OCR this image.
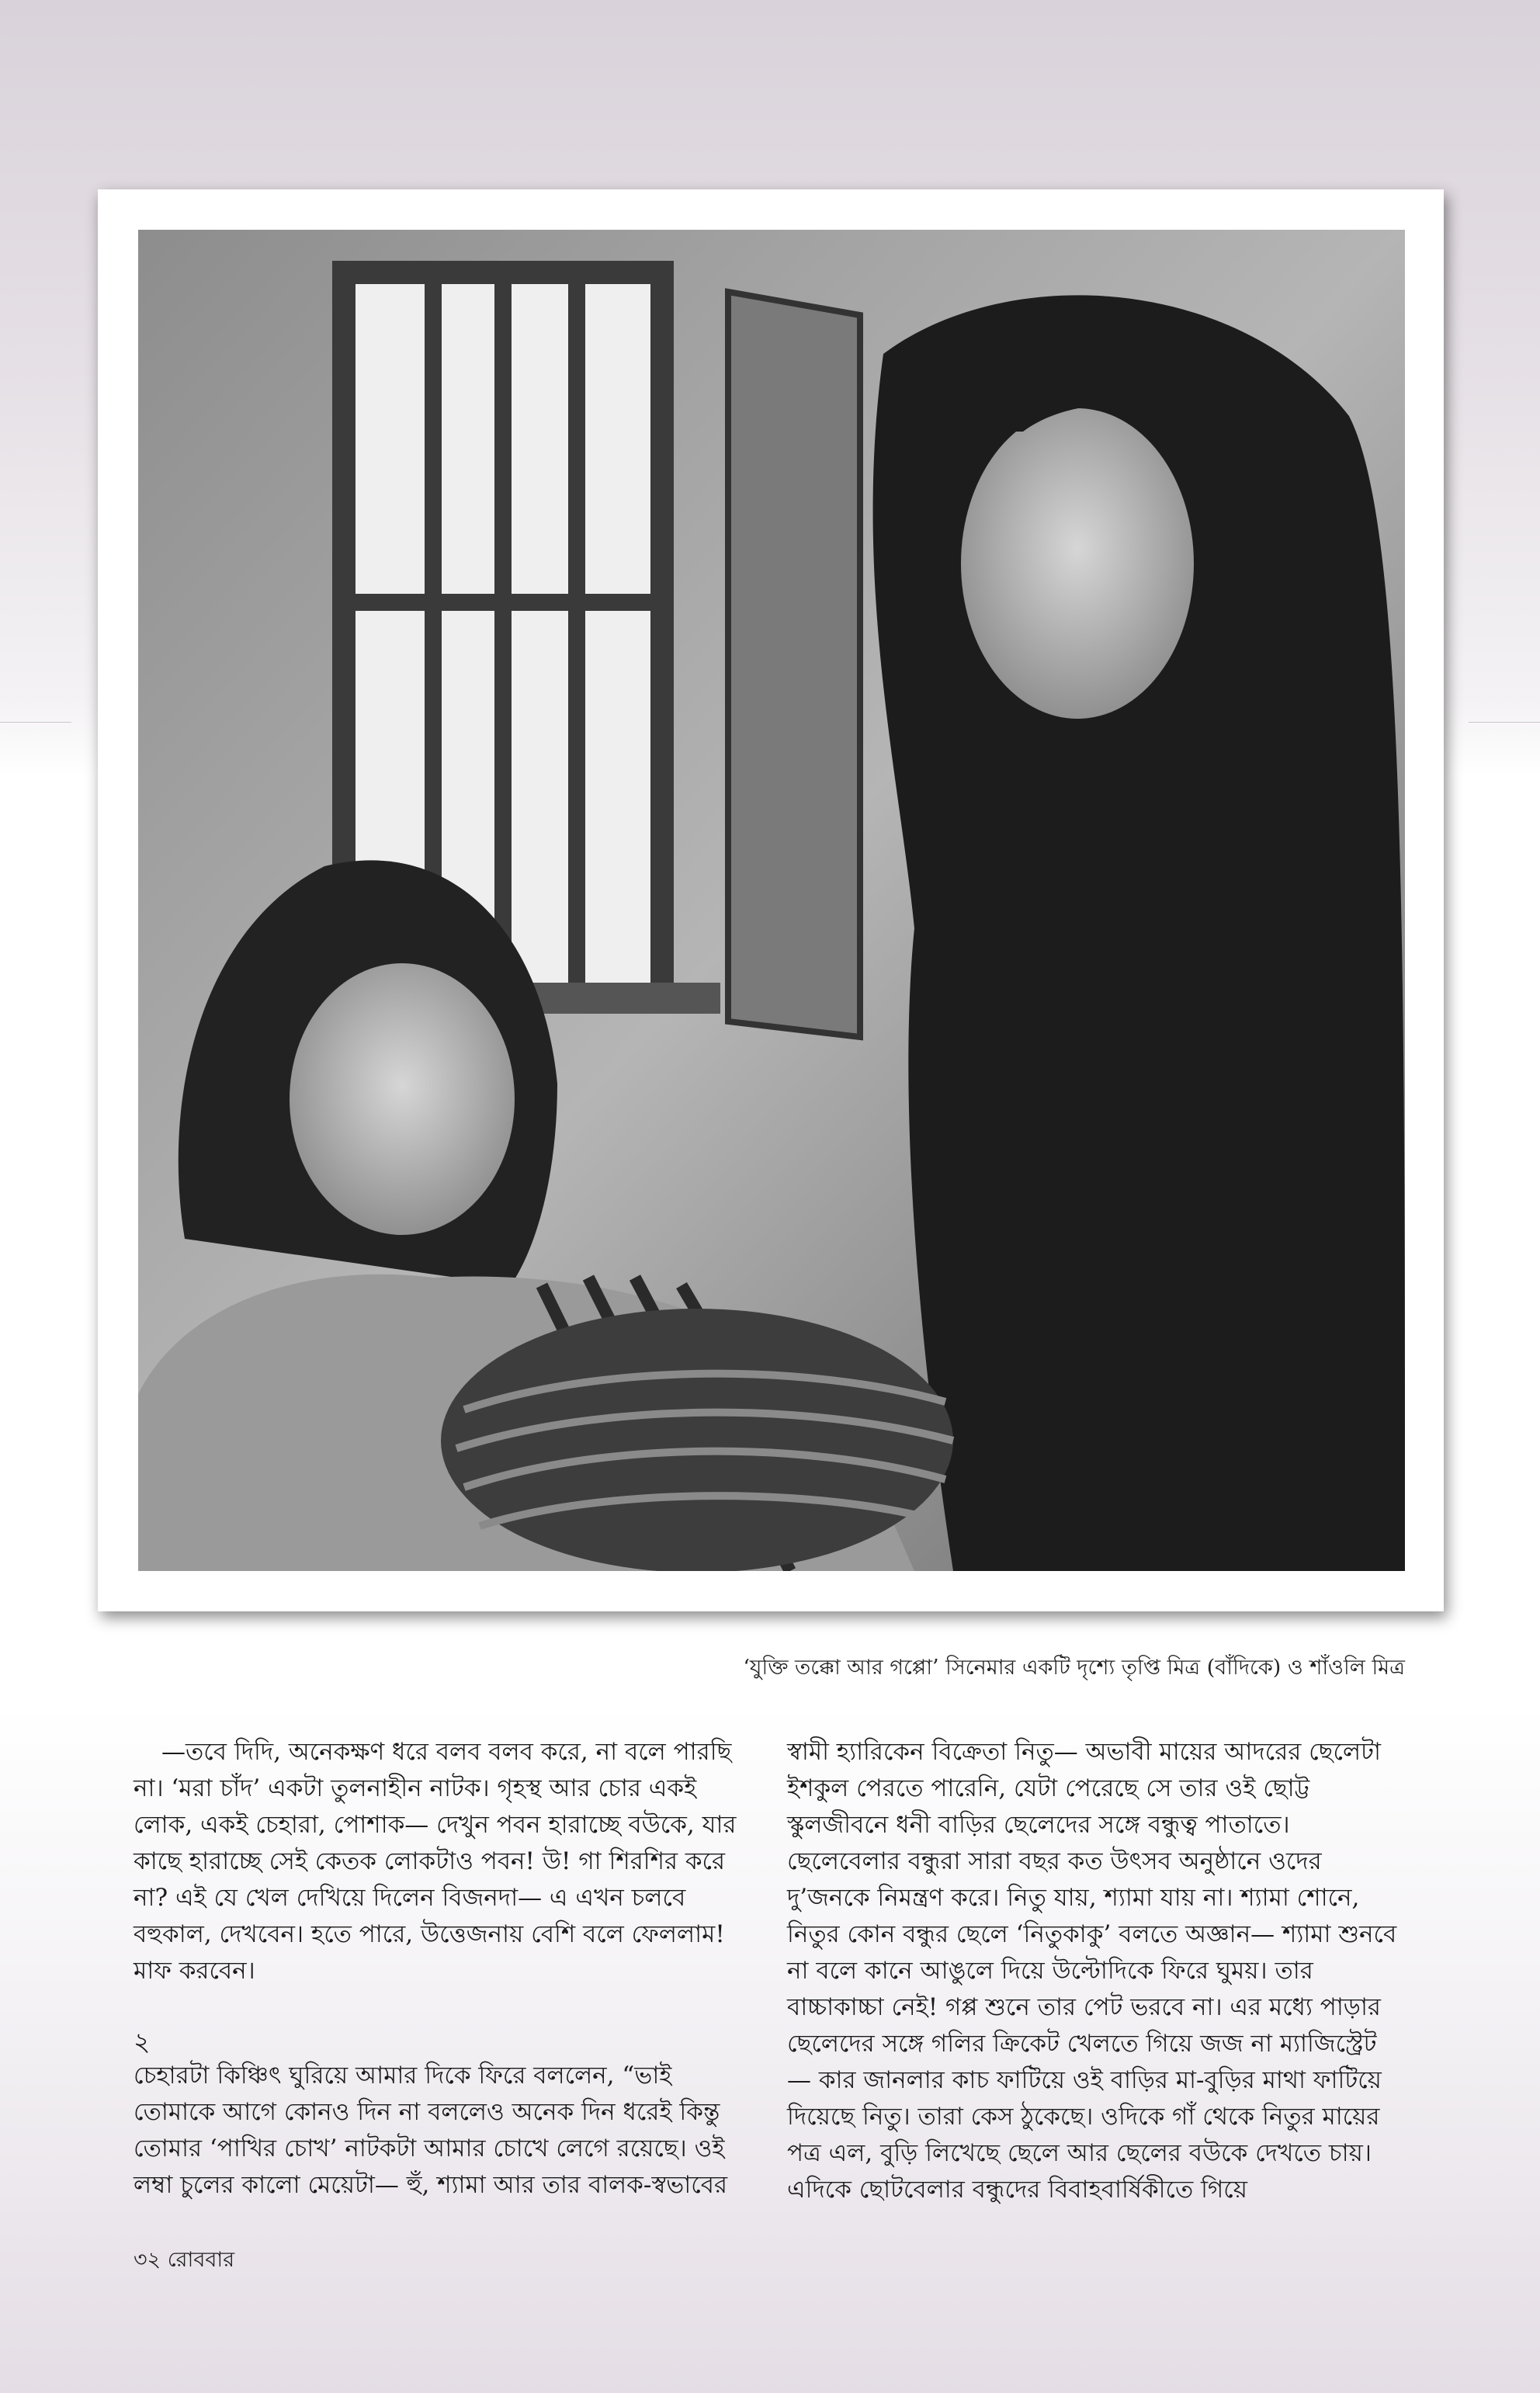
‘যুক্তি তক্কো আর গপ্পো’ সিনেমার একটি দৃশ্যে তৃপ্তি মিত্র (বাঁদিকে) ও শাঁওলি মিত্র

—তবে দিদি, অনেকক্ষণ ধরে বলব বলব করে, না বলে পারছি না। ‘মরা চাঁদ’ একটা তুলনাহীন নাটক। গৃহস্থ আর চোর একই লোক, একই চেহারা, পোশাক— দেখুন পবন হারাচ্ছে বউকে, যার কাছে হারাচ্ছে সেই কেতক লোকটাও পবন! উ! গা শিরশির করে না? এই যে খেল দেখিয়ে দিলেন বিজনদা— এ এখন চলবে বহুকাল, দেখবেন। হতে পারে, উত্তেজনায় বেশি বলে ফেললাম! মাফ করবেন।

২

চেহারটা কিঞ্চিৎ ঘুরিয়ে আমার দিকে ফিরে বললেন, “ভাই তোমাকে আগে কোনও দিন না বললেও অনেক দিন ধরেই কিন্তু তোমার ‘পাখির চোখ’ নাটকটা আমার চোখে লেগে রয়েছে। ওই লম্বা চুলের কালো মেয়েটা— হুঁ, শ্যামা আর তার বালক-স্বভাবের

স্বামী হ্যারিকেন বিক্রেতা নিতু— অভাবী মায়ের আদরের ছেলেটা ইশকুল পেরতে পারেনি, যেটা পেরেছে সে তার ওই ছোট্ট স্কুলজীবনে ধনী বাড়ির ছেলেদের সঙ্গে বন্ধুত্ব পাতাতে। ছেলেবেলার বন্ধুরা সারা বছর কত উৎসব অনুষ্ঠানে ওদের দু’জনকে নিমন্ত্রণ করে। নিতু যায়, শ্যামা যায় না। শ্যামা শোনে, নিতুর কোন বন্ধুর ছেলে ‘নিতুকাকু’ বলতে অজ্ঞান— শ্যামা শুনবে না বলে কানে আঙুলে দিয়ে উল্টোদিকে ফিরে ঘুময়। তার বাচ্চাকাচ্চা নেই! গপ্প শুনে তার পেট ভরবে না। এর মধ্যে পাড়ার ছেলেদের সঙ্গে গলির ক্রিকেট খেলতে গিয়ে জজ না ম্যাজিস্ট্রেট— কার জানলার কাচ ফাটিয়ে ওই বাড়ির মা-বুড়ির মাথা ফাটিয়ে দিয়েছে নিতু। তারা কেস ঠুকেছে। ওদিকে গাঁ থেকে নিতুর মায়ের পত্র এল, বুড়ি লিখেছে ছেলে আর ছেলের বউকে দেখতে চায়। এদিকে ছোটবেলার বন্ধুদের বিবাহবার্ষিকীতে গিয়ে

৩২ রোববার
